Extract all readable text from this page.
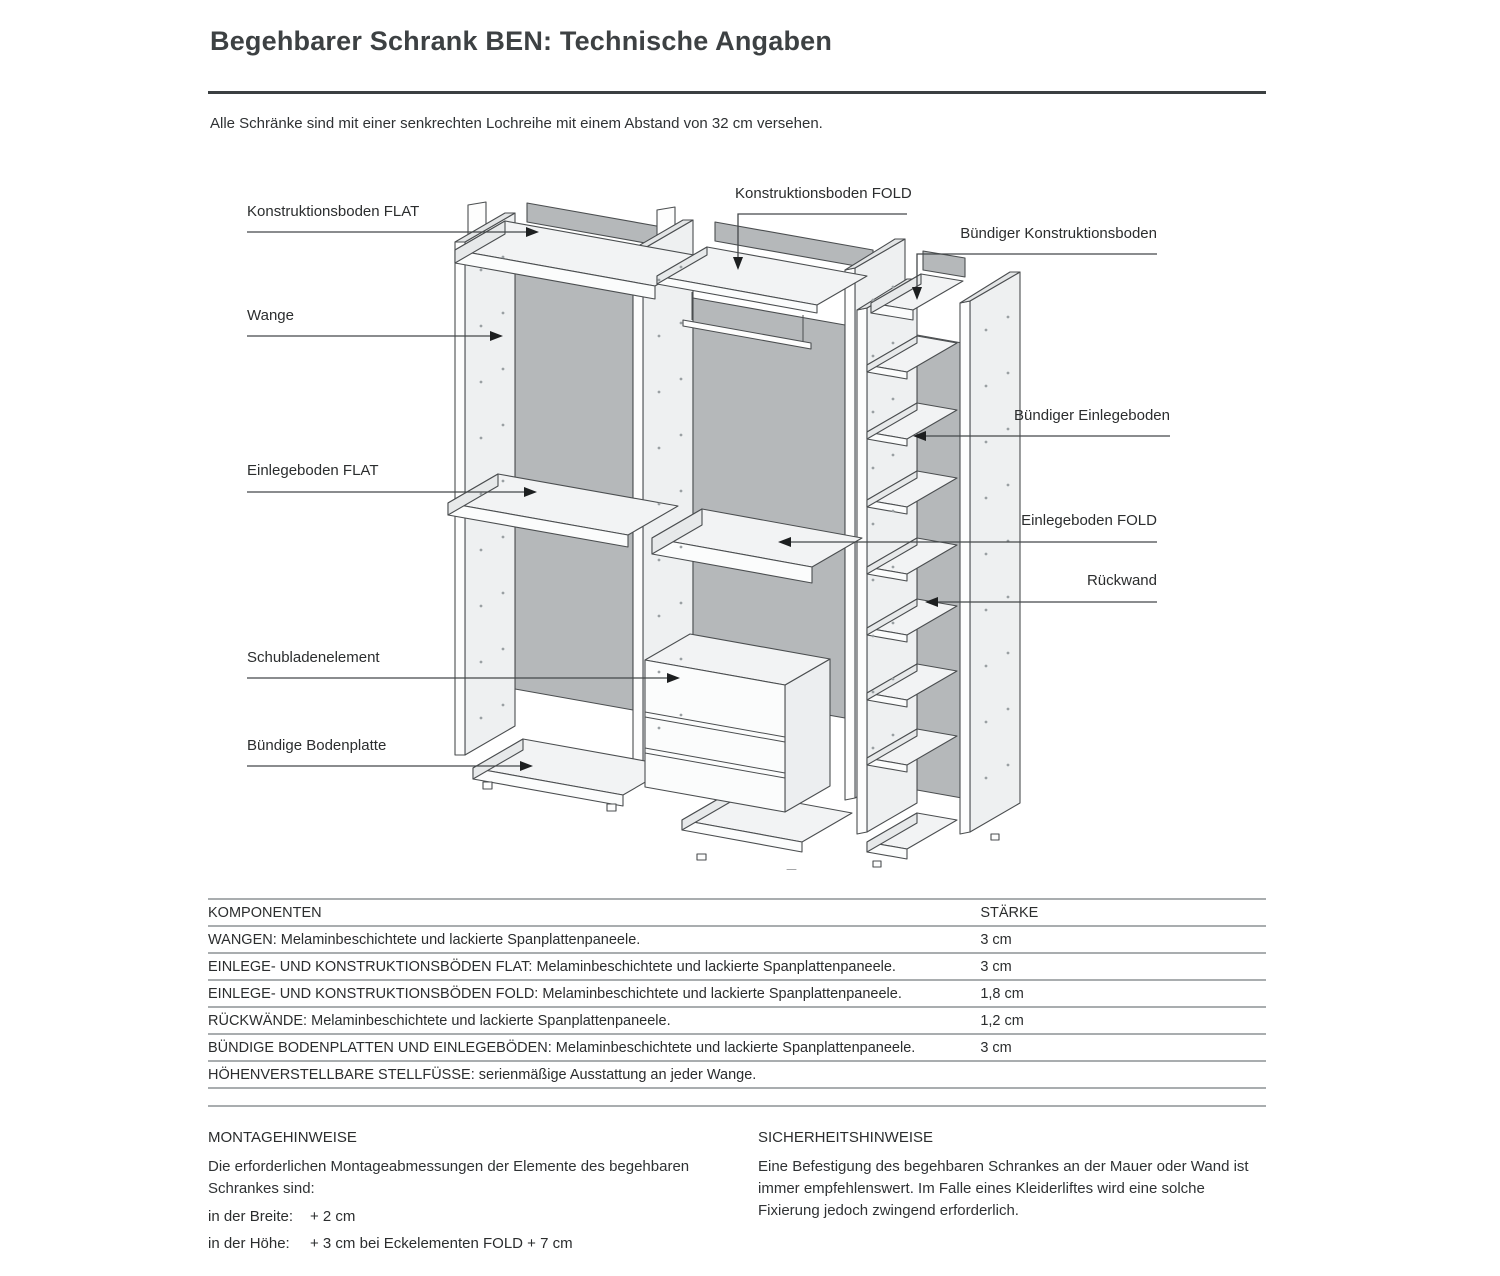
Begehbarer Schrank BEN: Technische Angaben

Alle Schränke sind mit einer senkrechten Lochreihe mit einem Abstand von 32 cm versehen.

Konstruktionsboden FLAT
Wange
Einlegeboden FLAT
Schubladenelement
Bündige Bodenplatte
Konstruktionsboden FOLD
Bündiger Konstruktionsboden
Bündiger Einlegeboden
Einlegeboden FOLD
Rückwand
KOMPONENTEN	STÄRKE
WANGEN: Melaminbeschichtete und lackierte Spanplattenpaneele.	3 cm
EINLEGE- UND KONSTRUKTIONSBÖDEN FLAT: Melaminbeschichtete und lackierte Spanplattenpaneele.	3 cm
EINLEGE- UND KONSTRUKTIONSBÖDEN FOLD: Melaminbeschichtete und lackierte Spanplattenpaneele.	1,8 cm
RÜCKWÄNDE: Melaminbeschichtete und lackierte Spanplattenpaneele.	1,2 cm
BÜNDIGE BODENPLATTEN UND EINLEGEBÖDEN: Melaminbeschichtete und lackierte Spanplattenpaneele.	3 cm
HÖHENVERSTELLBARE STELLFÜSSE: serienmäßige Ausstattung an jeder Wange.	
MONTAGEHINWEISE

Die erforderlichen Montageabmessungen der Elemente des begehbaren Schrankes sind:

in der Breite:	+ 2 cm
in der Höhe:	+ 3 cm bei Eckelementen FOLD + 7 cm
SICHERHEITSHINWEISE

Eine Befestigung des begehbaren Schrankes an der Mauer oder Wand ist immer empfehlenswert. Im Falle eines Kleiderliftes wird eine solche Fixierung jedoch zwingend erforderlich.
